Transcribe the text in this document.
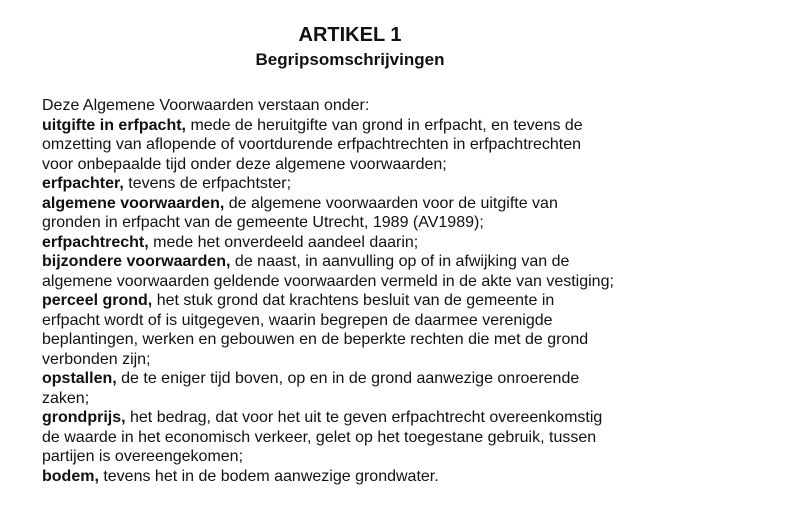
ARTIKEL 1
Begripsomschrijvingen

Deze Algemene Voorwaarden verstaan onder:

uitgifte in erfpacht, mede de heruitgifte van grond in erfpacht, en tevens de
omzetting van aflopende of voortdurende erfpachtrechten in erfpachtrechten
voor onbepaalde tijd onder deze algemene voorwaarden;

erfpachter, tevens de erfpachtster;

algemene voorwaarden, de algemene voorwaarden voor de uitgifte van
gronden in erfpacht van de gemeente Utrecht, 1989 (AV1989);

erfpachtrecht, mede het onverdeeld aandeel daarin;

bijzondere voorwaarden, de naast, in aanvulling op of in afwijking van de
algemene voorwaarden geldende voorwaarden vermeld in de akte van vestiging;

perceel grond, het stuk grond dat krachtens besluit van de gemeente in
erfpacht wordt of is uitgegeven, waarin begrepen de daarmee verenigde
beplantingen, werken en gebouwen en de beperkte rechten die met de grond
verbonden zijn;

opstallen, de te eniger tijd boven, op en in de grond aanwezige onroerende
zaken;

grondprijs, het bedrag, dat voor het uit te geven erfpachtrecht overeenkomstig
de waarde in het economisch verkeer, gelet op het toegestane gebruik, tussen
partijen is overeengekomen;

bodem, tevens het in de bodem aanwezige grondwater.
